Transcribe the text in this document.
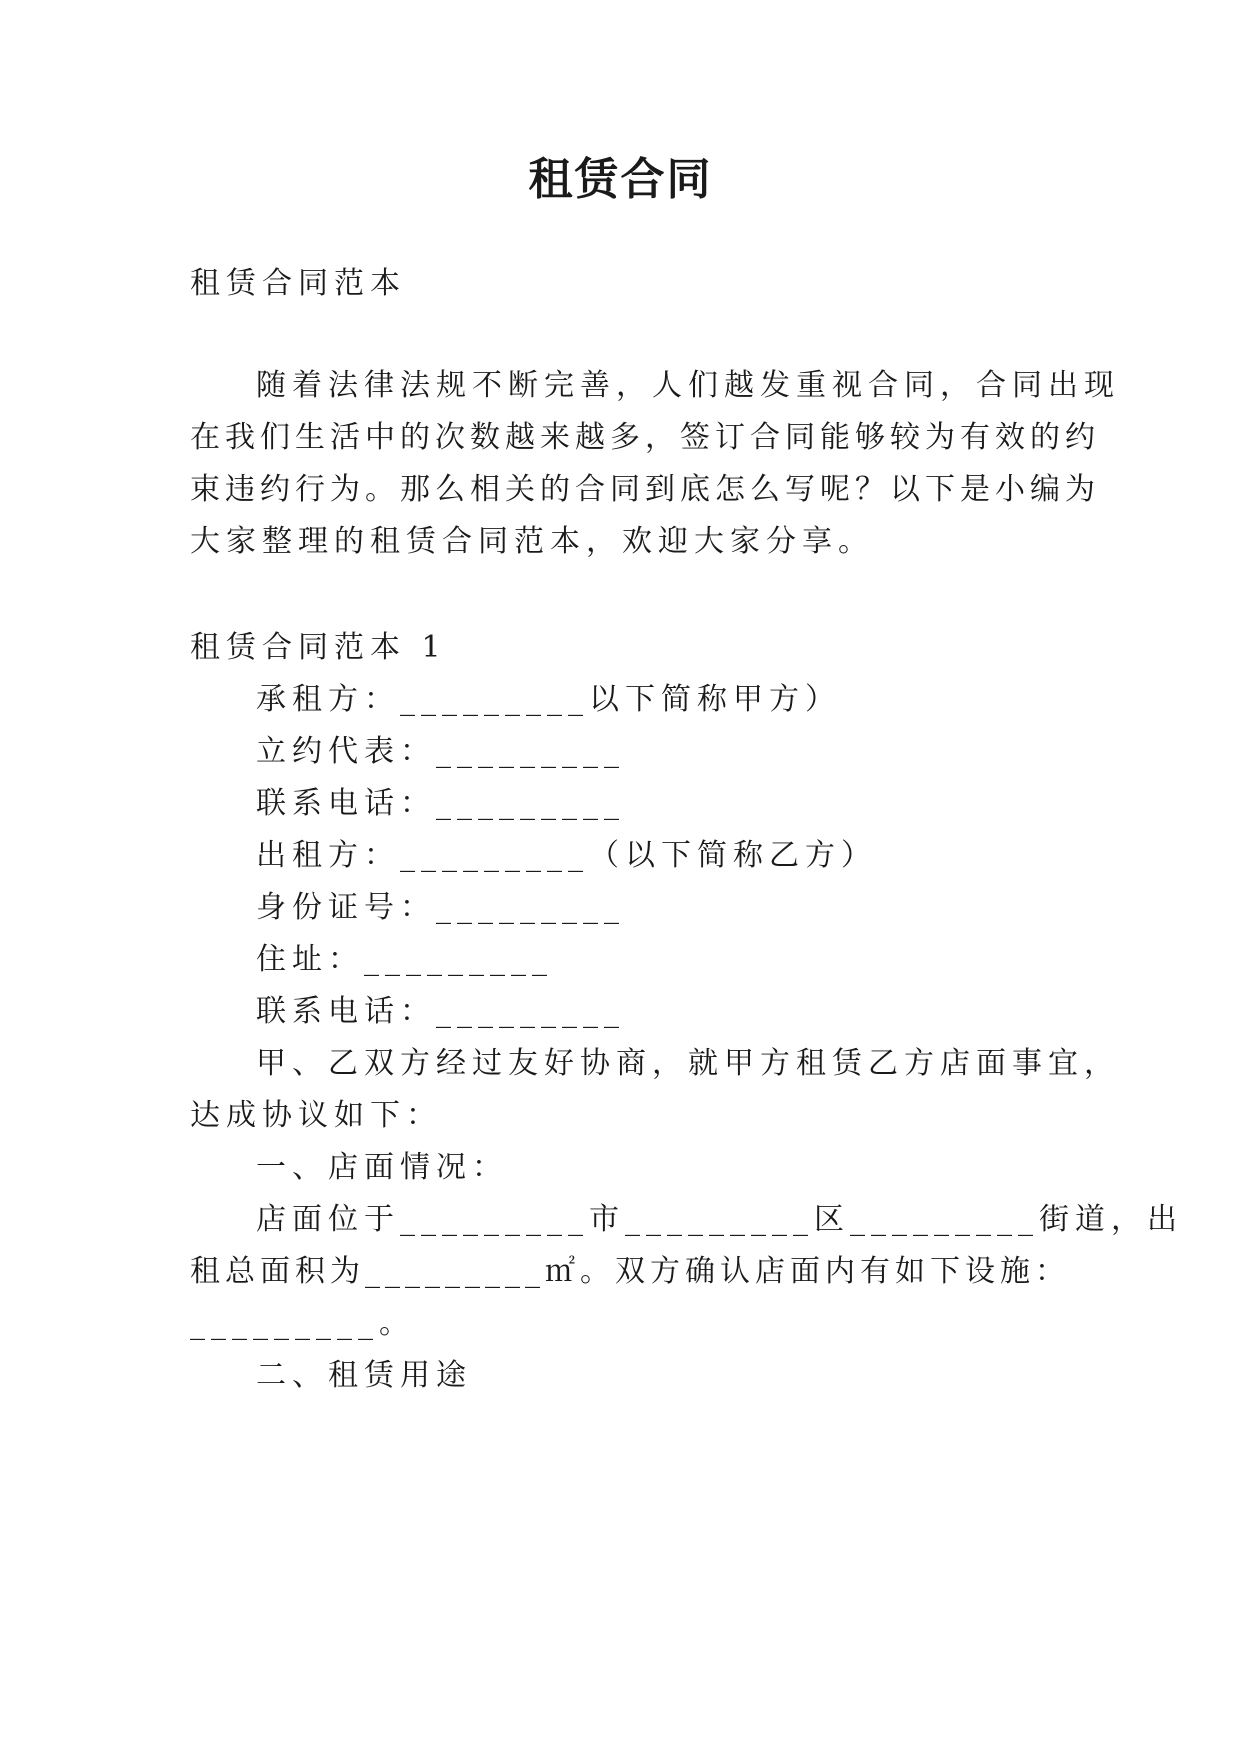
租赁合同
租赁合同范本
随着法律法规不断完善，人们越发重视合同，合同出现
在我们生活中的次数越来越多，签订合同能够较为有效的约
束违约行为。那么相关的合同到底怎么写呢？以下是小编为
大家整理的租赁合同范本，欢迎大家分享。
租赁合同范本 1
承租方：_________以下简称甲方）
立约代表：_________
联系电话：_________
出租方：_________（以下简称乙方）
身份证号：_________
住址：_________
联系电话：_________
甲、乙双方经过友好协商，就甲方租赁乙方店面事宜，
达成协议如下：
一、店面情况：
店面位于_________市_________区_________街道，出
租总面积为_________㎡。双方确认店面内有如下设施：
_________。
二、租赁用途
